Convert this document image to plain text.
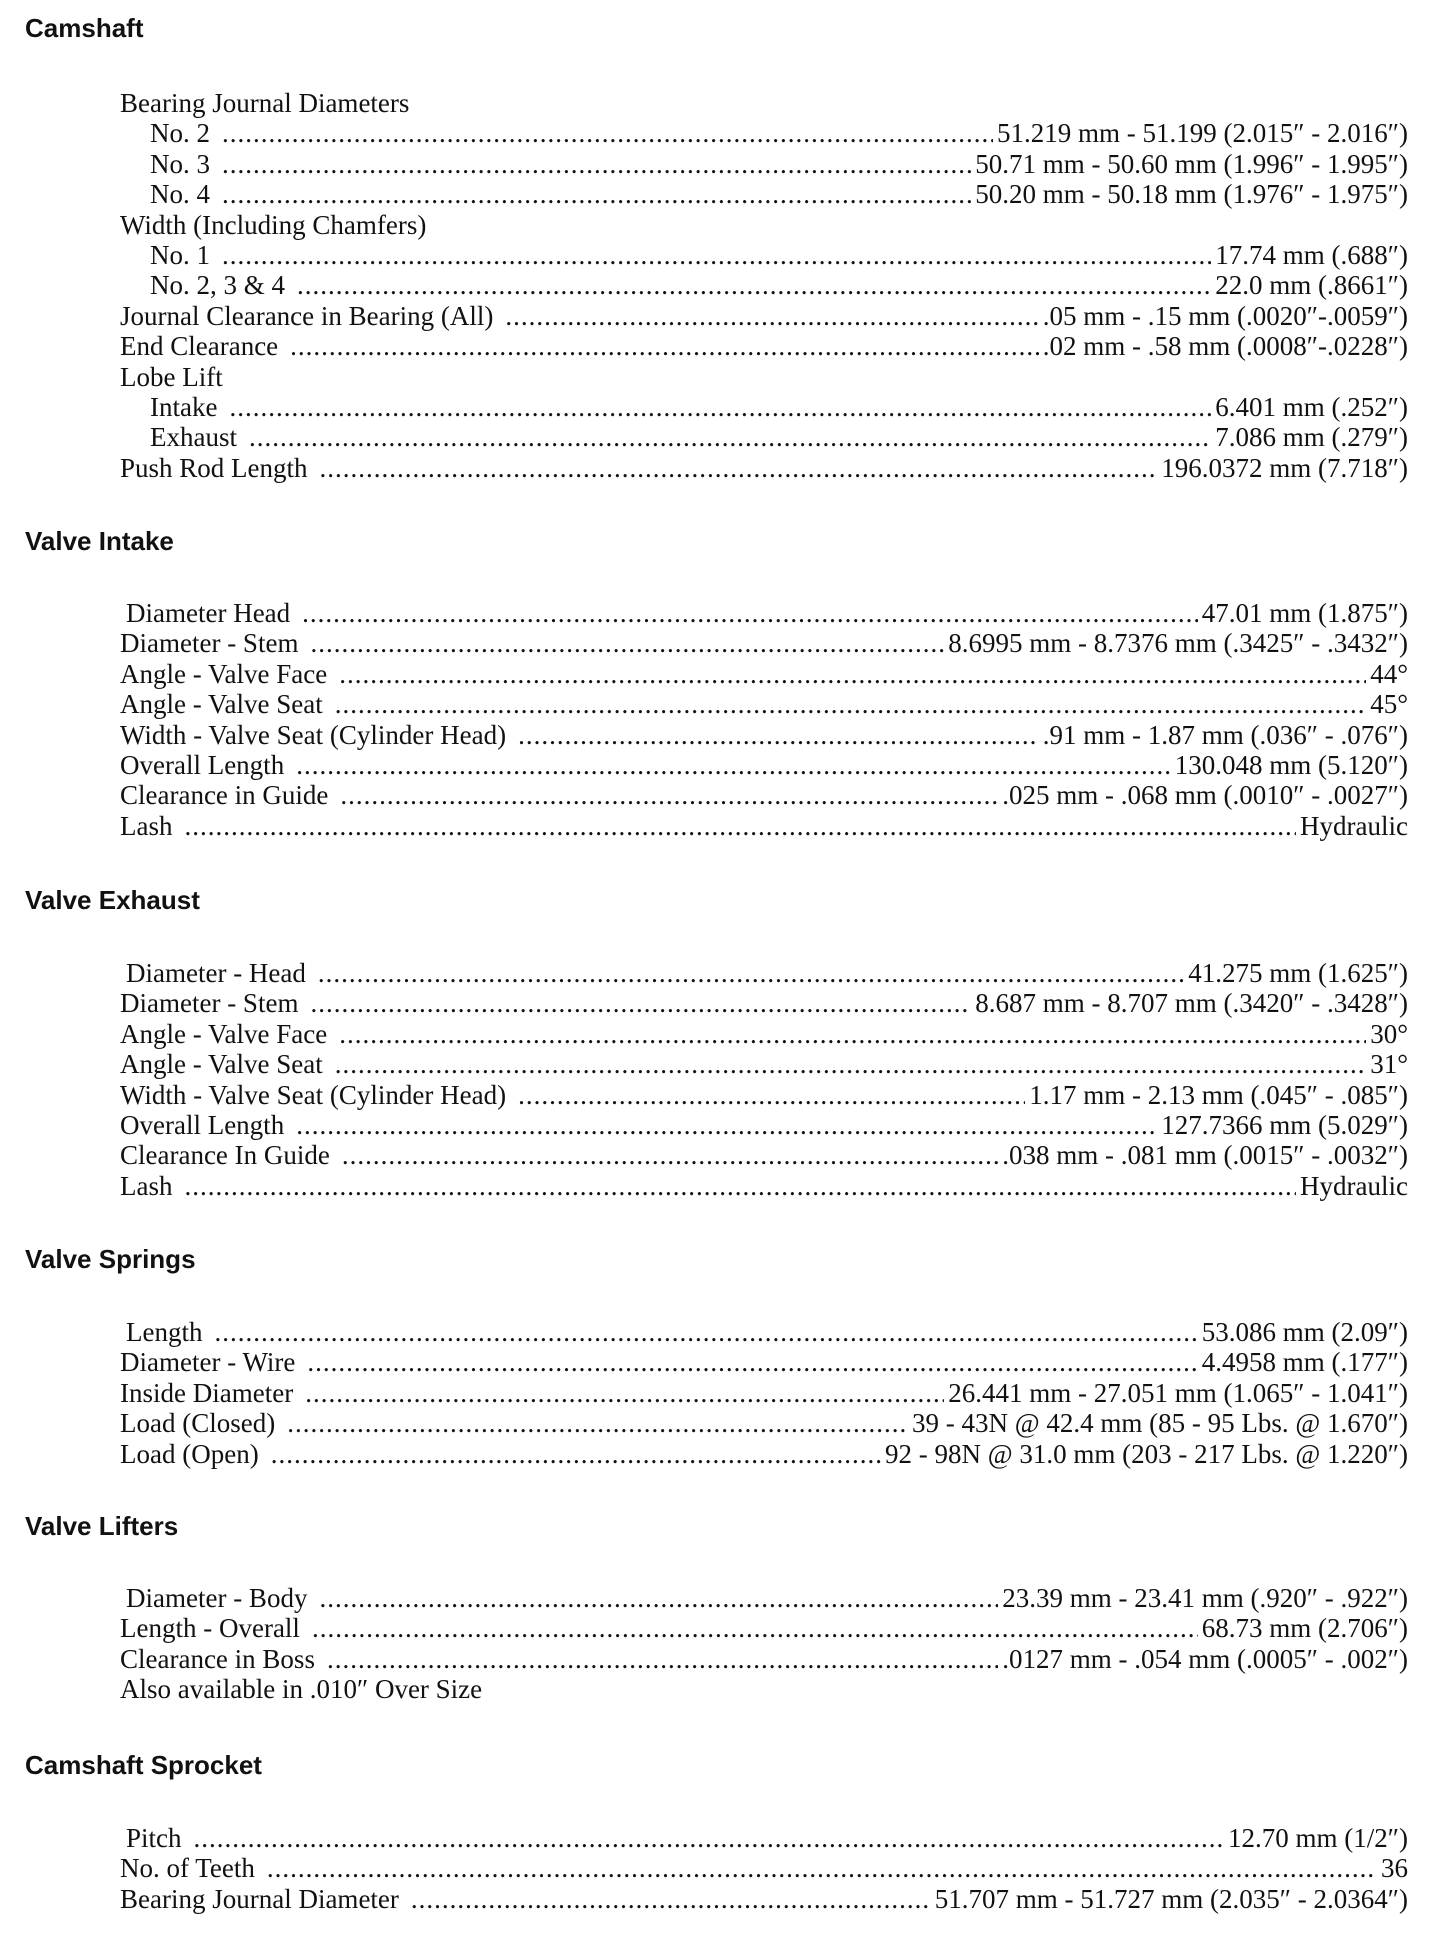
Camshaft
Bearing Journal Diameters
No. 2 .....	51.219 mm - 51.199 (2.015″ - 2.016″)
No. 3 .....	50.71 mm - 50.60 mm (1.996″ - 1.995″)
No. 4 .....	50.20 mm - 50.18 mm (1.976″ - 1.975″)
Width (Including Chamfers)
No. 1 .....	17.74 mm (.688″)
No. 2, 3 & 4 .....	22.0 mm (.8661″)
Journal Clearance in Bearing (All) .....	.05 mm - .15 mm (.0020″-.0059″)
End Clearance .....	.02 mm - .58 mm (.0008″-.0228″)
Lobe Lift
Intake .....	6.401 mm (.252″)
Exhaust .....	7.086 mm (.279″)
Push Rod Length .....	196.0372 mm (7.718″)
Valve Intake
Diameter Head .....	47.01 mm (1.875″)
Diameter - Stem .....	8.6995 mm - 8.7376 mm (.3425″ - .3432″)
Angle - Valve Face .....	44°
Angle - Valve Seat .....	45°
Width - Valve Seat (Cylinder Head) .....	.91 mm - 1.87 mm (.036″ - .076″)
Overall Length .....	130.048 mm (5.120″)
Clearance in Guide .....	.025 mm - .068 mm (.0010″ - .0027″)
Lash .....	Hydraulic
Valve Exhaust
Diameter - Head .....	41.275 mm (1.625″)
Diameter - Stem .....	8.687 mm - 8.707 mm (.3420″ - .3428″)
Angle - Valve Face .....	30°
Angle - Valve Seat .....	31°
Width - Valve Seat (Cylinder Head) .....	1.17 mm - 2.13 mm (.045″ - .085″)
Overall Length .....	127.7366 mm (5.029″)
Clearance In Guide .....	.038 mm - .081 mm (.0015″ - .0032″)
Lash .....	Hydraulic
Valve Springs
Length .....	53.086 mm (2.09″)
Diameter - Wire .....	4.4958 mm (.177″)
Inside Diameter .....	26.441 mm - 27.051 mm (1.065″ - 1.041″)
Load (Closed) .....	39 - 43N @ 42.4 mm (85 - 95 Lbs. @ 1.670″)
Load (Open) .....	92 - 98N @ 31.0 mm (203 - 217 Lbs. @ 1.220″)
Valve Lifters
Diameter - Body .....	23.39 mm - 23.41 mm (.920″ - .922″)
Length - Overall .....	68.73 mm (2.706″)
Clearance in Boss .....	.0127 mm - .054 mm (.0005″ - .002″)
Also available in .010″ Over Size
Camshaft Sprocket
Pitch .....	12.70 mm (1/2″)
No. of Teeth .....	36
Bearing Journal Diameter .....	51.707 mm - 51.727 mm (2.035″ - 2.0364″)
